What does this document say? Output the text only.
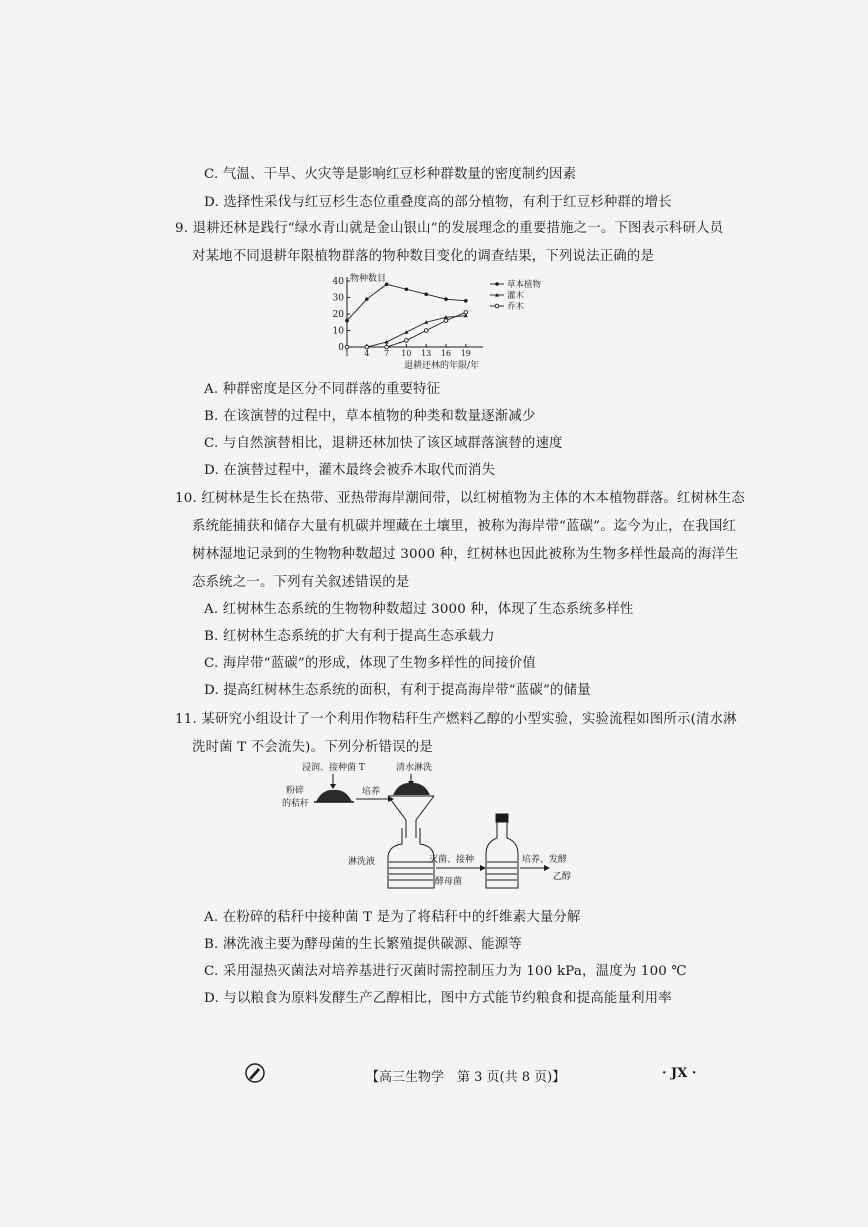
C. 气温、干旱、火灾等是影响红豆杉种群数量的密度制约因素
D. 选择性采伐与红豆杉生态位重叠度高的部分植物，有利于红豆杉种群的增长
9. 退耕还林是践行“绿水青山就是金山银山”的发展理念的重要措施之一。下图表示科研人员
对某地不同退耕年限植物群落的物种数目变化的调查结果，下列说法正确的是
0
10
20
30
40
1 4 7 10 13 16 19
草本植物
灌木
乔木
物种数目
退耕还林的年限/年
A. 种群密度是区分不同群落的重要特征
B. 在该演替的过程中，草本植物的种类和数量逐渐减少
C. 与自然演替相比，退耕还林加快了该区域群落演替的速度
D. 在演替过程中，灌木最终会被乔木取代而消失
10. 红树林是生长在热带、亚热带海岸潮间带，以红树植物为主体的木本植物群落。红树林生态
系统能捕获和储存大量有机碳并埋藏在土壤里，被称为海岸带“蓝碳”。迄今为止，在我国红
树林湿地记录到的生物物种数超过 3000 种，红树林也因此被称为生物多样性最高的海洋生
态系统之一。下列有关叙述错误的是
A. 红树林生态系统的生物物种数超过 3000 种，体现了生态系统多样性
B. 红树林生态系统的扩大有利于提高生态承载力
C. 海岸带“蓝碳”的形成，体现了生物多样性的间接价值
D. 提高红树林生态系统的面积，有利于提高海岸带“蓝碳”的储量
11. 某研究小组设计了一个利用作物秸秆生产燃料乙醇的小型实验，实验流程如图所示(清水淋
洗时菌 T 不会流失)。下列分析错误的是
浸润、接种菌 T	清水淋洗
粉碎
的秸秆
培养
淋洗液	灭菌、接种
酵母菌
培养、发酵
乙醇
A. 在粉碎的秸秆中接种菌 T 是为了将秸秆中的纤维素大量分解
B. 淋洗液主要为酵母菌的生长繁殖提供碳源、能源等
C. 采用湿热灭菌法对培养基进行灭菌时需控制压力为 100 kPa，温度为 100 ℃
D. 与以粮食为原料发酵生产乙醇相比，图中方式能节约粮食和提高能量利用率
【高三生物学　第 3 页(共 8 页)】	· JX ·
